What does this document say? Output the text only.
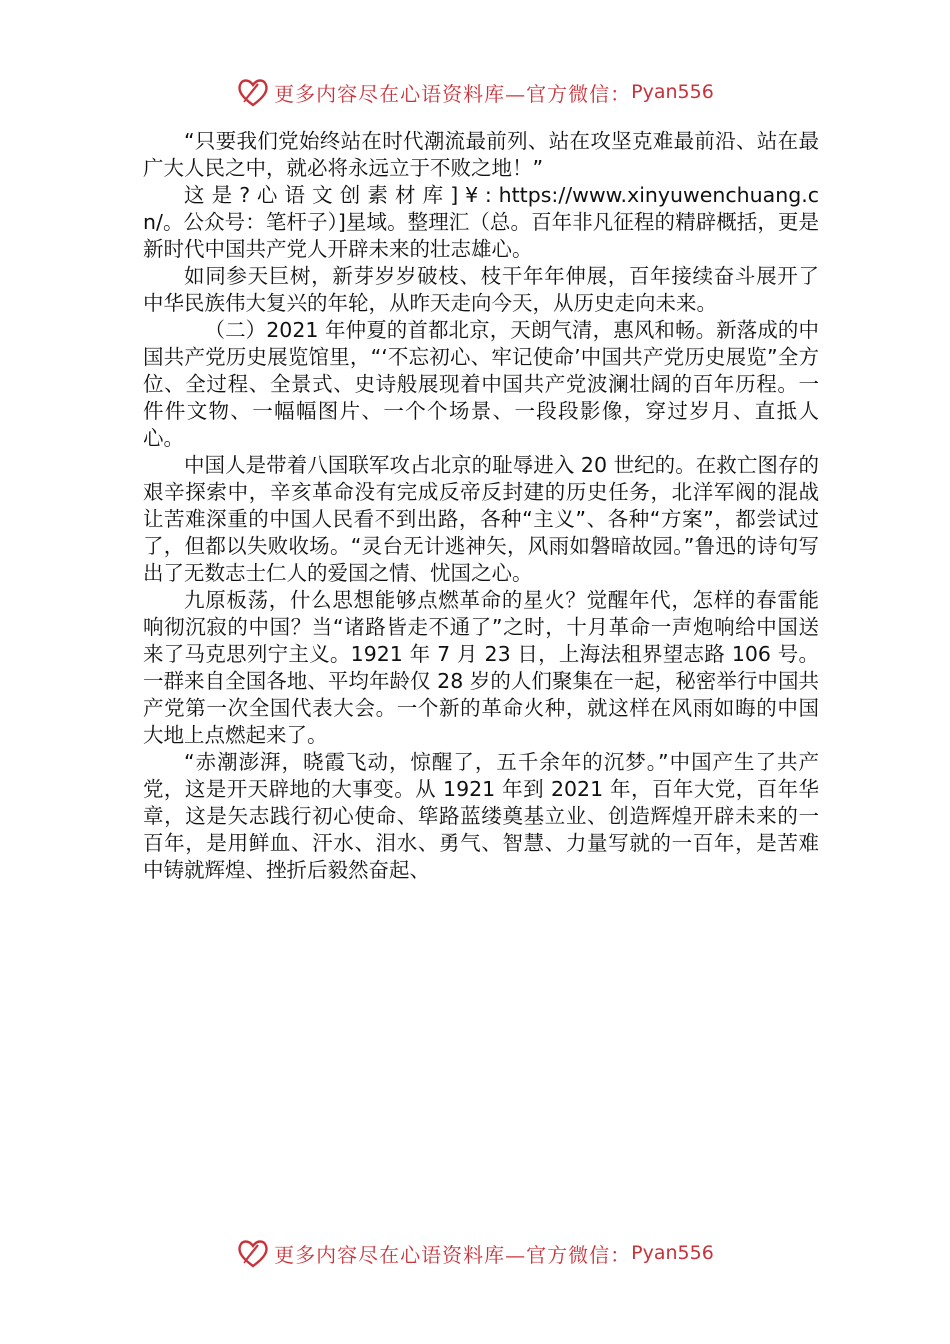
更多内容尽在心语资料库—官方微信： Pyan556

“只要我们党始终站在时代潮流最前列、站在攻坚克难最前沿、站在最广大人民之中，就必将永远立于不败之地！”

这 是 ? 心 语 文 创 素 材 库 ] ¥ : https://www.xinyuwenchuang.cn/。公众号：笔杆子）]星域。整理汇（总。百年非凡征程的精辟概括，更是新时代中国共产党人开辟未来的壮志雄心。

如同参天巨树，新芽岁岁破枝、枝干年年伸展，百年接续奋斗展开了中华民族伟大复兴的年轮，从昨天走向今天，从历史走向未来。

（二）2021 年仲夏的首都北京，天朗气清，惠风和畅。新落成的中国共产党历史展览馆里，“‘不忘初心、牢记使命’中国共产党历史展览”全方位、全过程、全景式、史诗般展现着中国共产党波澜壮阔的百年历程。一件件文物、一幅幅图片、一个个场景、一段段影像，穿过岁月、直抵人心。

中国人是带着八国联军攻占北京的耻辱进入 20 世纪的。在救亡图存的艰辛探索中，辛亥革命没有完成反帝反封建的历史任务，北洋军阀的混战让苦难深重的中国人民看不到出路，各种“主义”、各种“方案”，都尝试过了，但都以失败收场。“灵台无计逃神矢，风雨如磐暗故园。”鲁迅的诗句写出了无数志士仁人的爱国之情、忧国之心。

九原板荡，什么思想能够点燃革命的星火？觉醒年代，怎样的春雷能响彻沉寂的中国？当“诸路皆走不通了”之时，十月革命一声炮响给中国送来了马克思列宁主义。1921 年 7 月 23 日，上海法租界望志路 106 号。一群来自全国各地、平均年龄仅 28 岁的人们聚集在一起，秘密举行中国共产党第一次全国代表大会。一个新的革命火种，就这样在风雨如晦的中国大地上点燃起来了。

“赤潮澎湃，晓霞飞动，惊醒了，五千余年的沉梦。”中国产生了共产党，这是开天辟地的大事变。从 1921 年到 2021 年，百年大党，百年华章，这是矢志践行初心使命、筚路蓝缕奠基立业、创造辉煌开辟未来的一百年，是用鲜血、汗水、泪水、勇气、智慧、力量写就的一百年，是苦难中铸就辉煌、挫折后毅然奋起、

更多内容尽在心语资料库—官方微信： Pyan556
